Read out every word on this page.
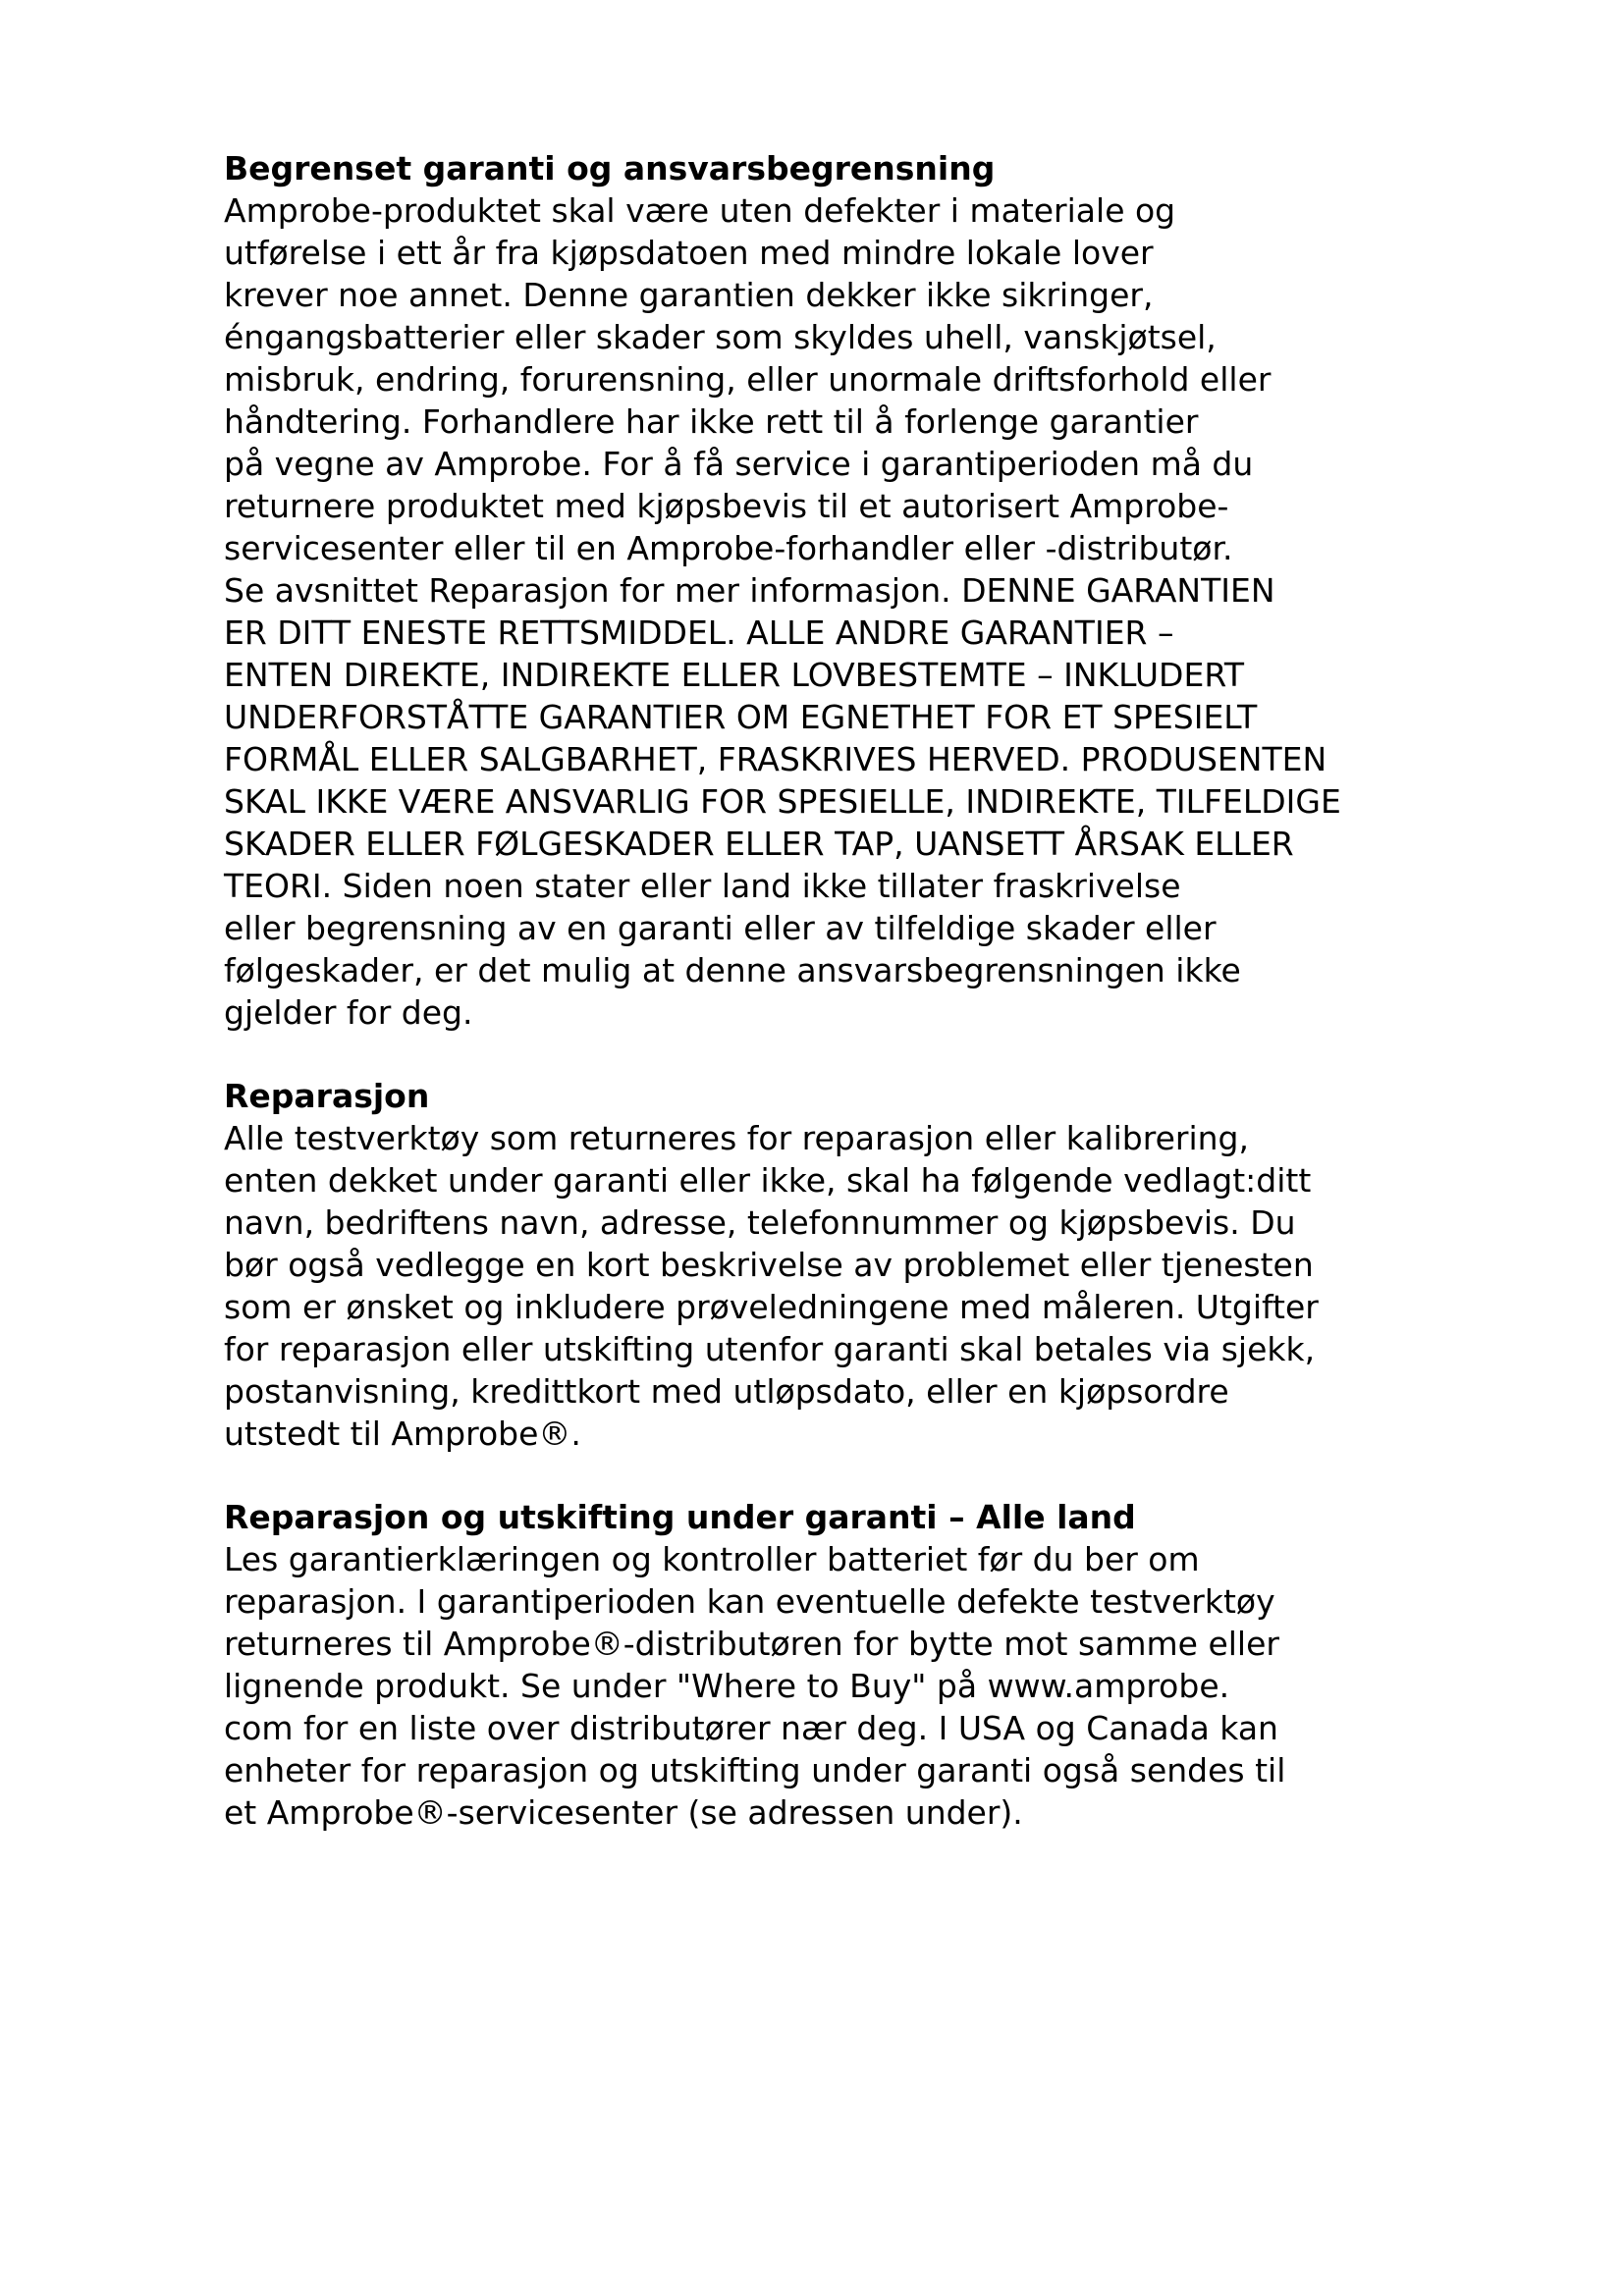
Begrenset garanti og ansvarsbegrensning
Amprobe-produktet skal være uten defekter i materiale og
utførelse i ett år fra kjøpsdatoen med mindre lokale lover
krever noe annet. Denne garantien dekker ikke sikringer,
éngangsbatterier eller skader som skyldes uhell, vanskjøtsel,
misbruk, endring, forurensning, eller unormale driftsforhold eller
håndtering. Forhandlere har ikke rett til å forlenge garantier
på vegne av Amprobe. For å få service i garantiperioden må du
returnere produktet med kjøpsbevis til et autorisert Amprobe-
servicesenter eller til en Amprobe-forhandler eller -distributør.
Se avsnittet Reparasjon for mer informasjon. DENNE GARANTIEN
ER DITT ENESTE RETTSMIDDEL. ALLE ANDRE GARANTIER –
ENTEN DIREKTE, INDIREKTE ELLER LOVBESTEMTE – INKLUDERT
UNDERFORSTÅTTE GARANTIER OM EGNETHET FOR ET SPESIELT
FORMÅL ELLER SALGBARHET, FRASKRIVES HERVED. PRODUSENTEN
SKAL IKKE VÆRE ANSVARLIG FOR SPESIELLE, INDIREKTE, TILFELDIGE
SKADER ELLER FØLGESKADER ELLER TAP, UANSETT ÅRSAK ELLER
TEORI. Siden noen stater eller land ikke tillater fraskrivelse
eller begrensning av en garanti eller av tilfeldige skader eller
følgeskader, er det mulig at denne ansvarsbegrensningen ikke
gjelder for deg.
Reparasjon
Alle testverktøy som returneres for reparasjon eller kalibrering,
enten dekket under garanti eller ikke, skal ha følgende vedlagt:ditt
navn, bedriftens navn, adresse, telefonnummer og kjøpsbevis. Du
bør også vedlegge en kort beskrivelse av problemet eller tjenesten
som er ønsket og inkludere prøveledningene med måleren. Utgifter
for reparasjon eller utskifting utenfor garanti skal betales via sjekk,
postanvisning, kredittkort med utløpsdato, eller en kjøpsordre
utstedt til Amprobe®.
Reparasjon og utskifting under garanti – Alle land
Les garantierklæringen og kontroller batteriet før du ber om
reparasjon. I garantiperioden kan eventuelle defekte testverktøy
returneres til Amprobe®-distributøren for bytte mot samme eller
lignende produkt. Se under "Where to Buy" på www.amprobe.
com for en liste over distributører nær deg. I USA og Canada kan
enheter for reparasjon og utskifting under garanti også sendes til
et Amprobe®-servicesenter (se adressen under).
